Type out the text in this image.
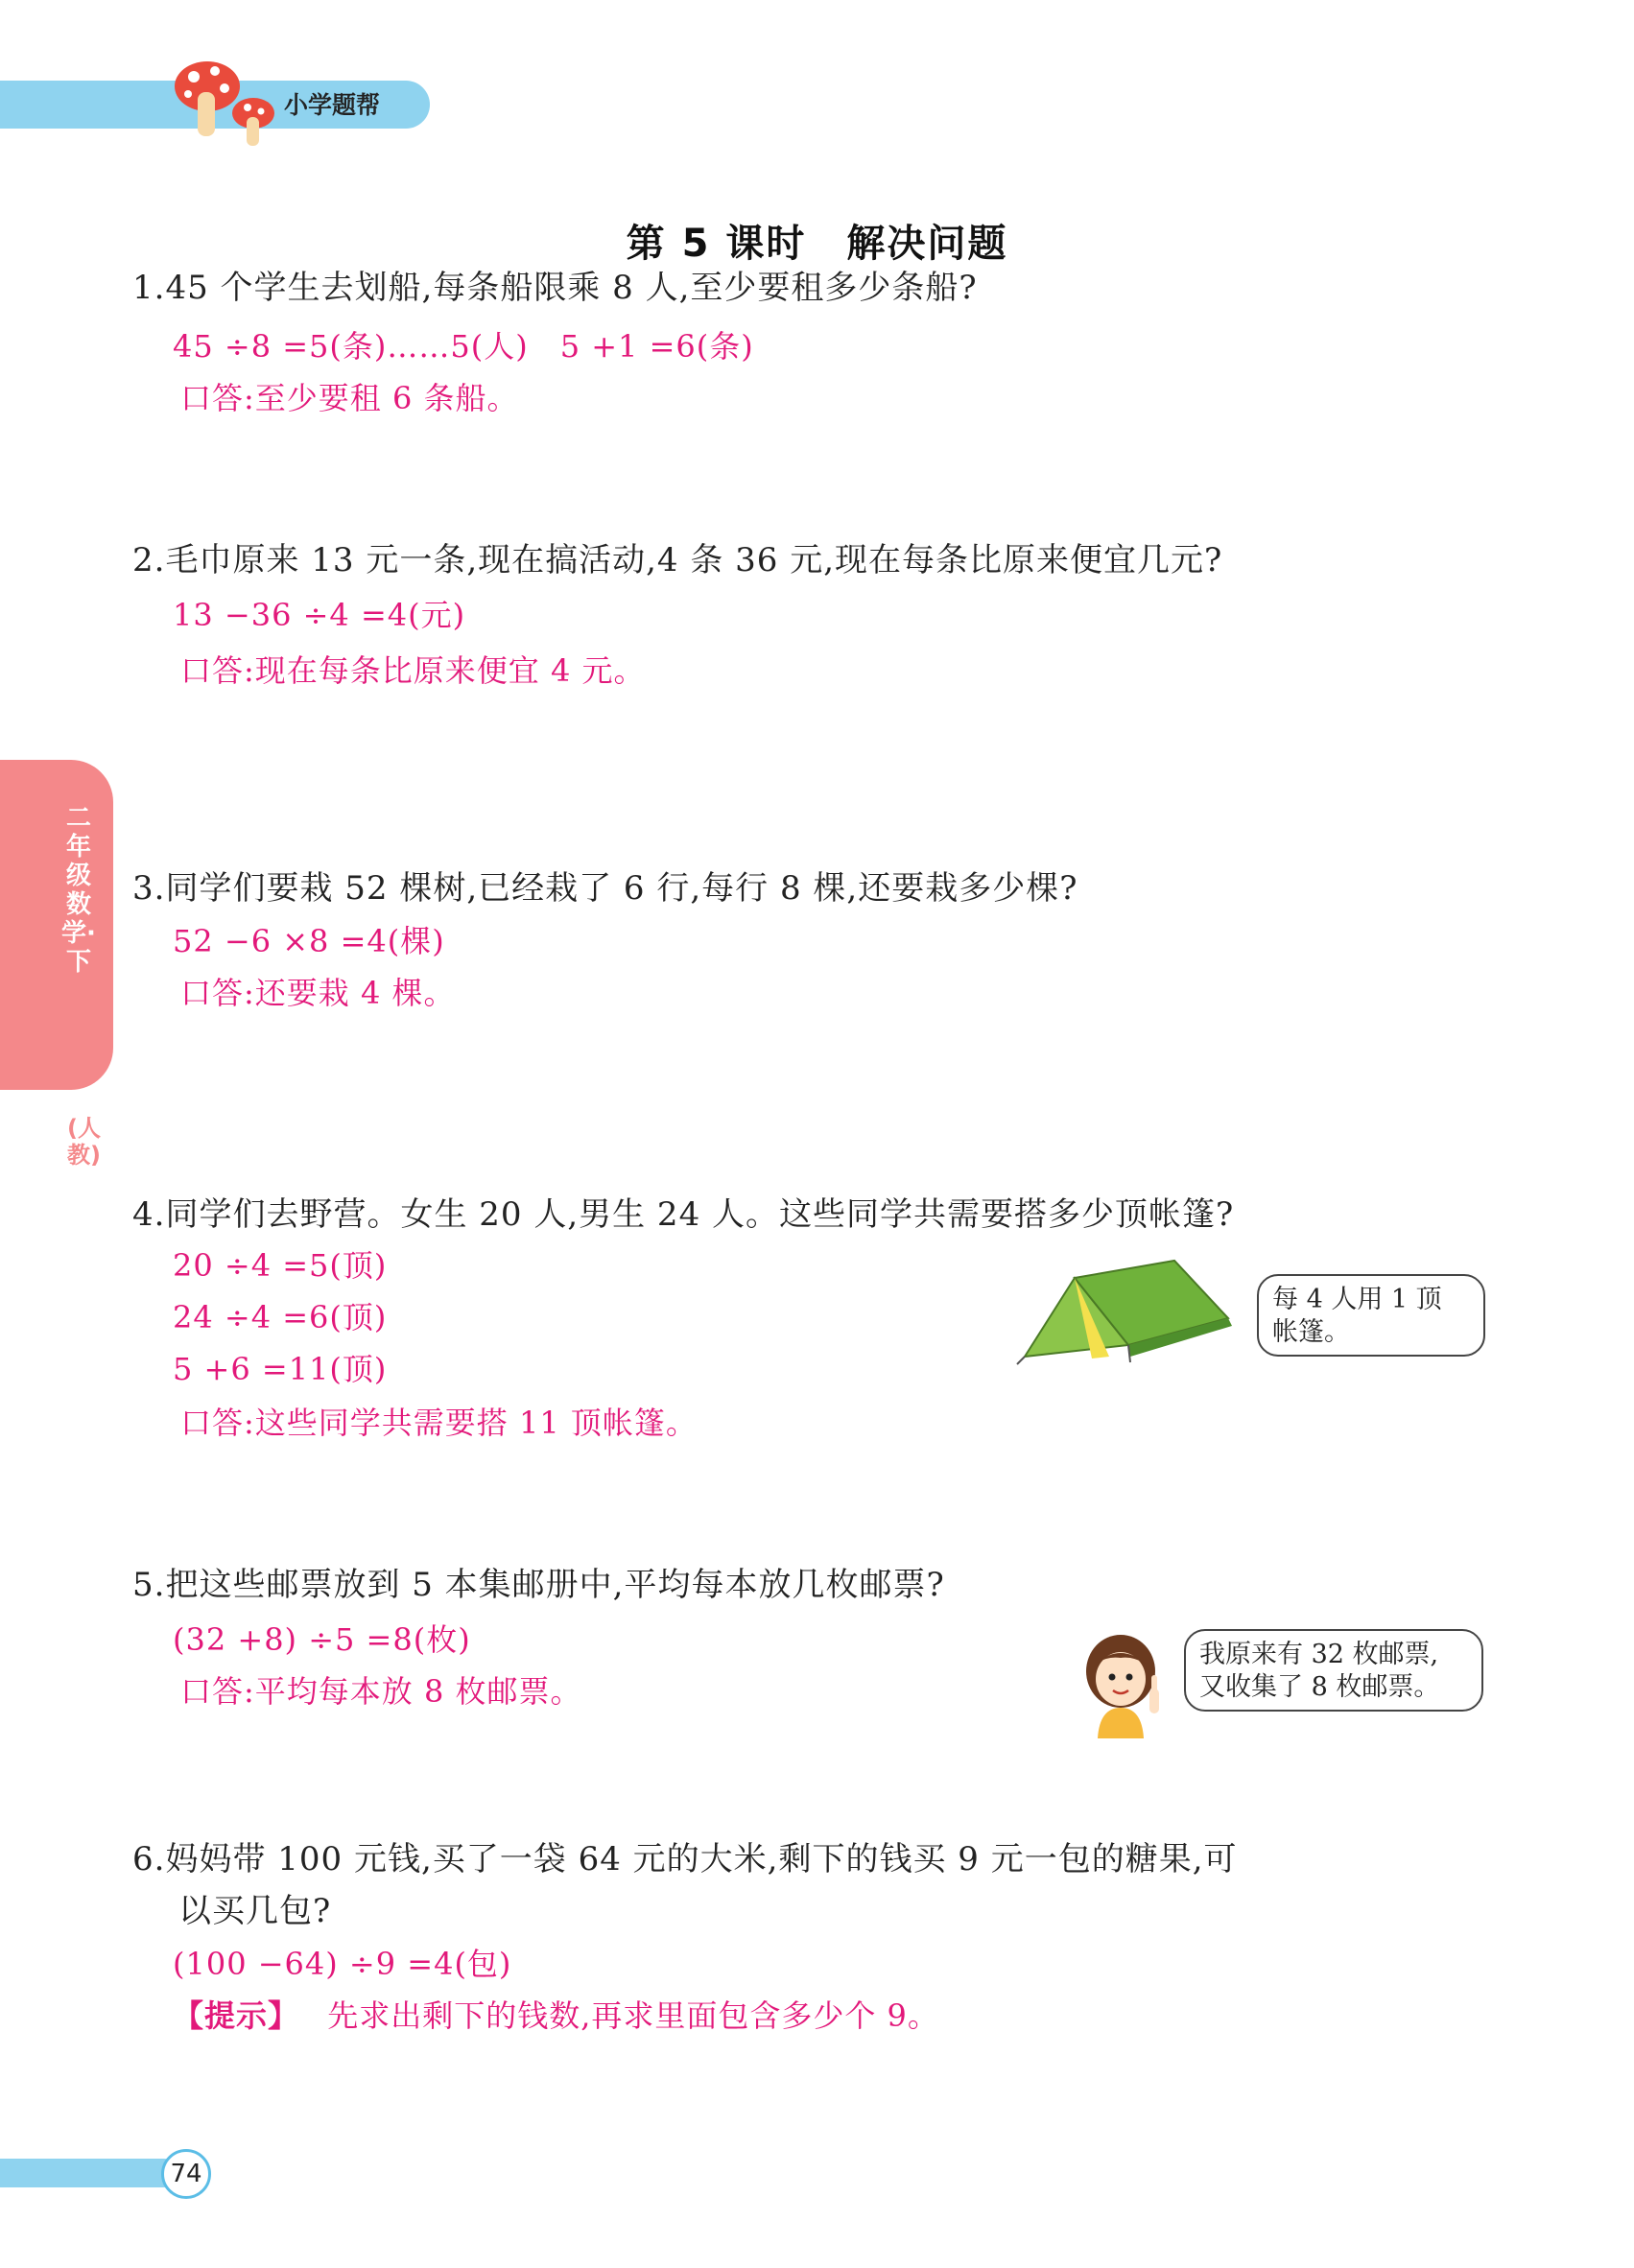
小学题帮
第 5 课时　解决问题
二年级数学·下
(人教)
1.45 个学生去划船,每条船限乘 8 人,至少要租多少条船?
45 ÷8 =5(条)……5(人)　5 +1 =6(条)
口答:至少要租 6 条船。
2.毛巾原来 13 元一条,现在搞活动,4 条 36 元,现在每条比原来便宜几元?
13 −36 ÷4 =4(元)
口答:现在每条比原来便宜 4 元。
3.同学们要栽 52 棵树,已经栽了 6 行,每行 8 棵,还要栽多少棵?
52 −6 ×8 =4(棵)
口答:还要栽 4 棵。
4.同学们去野营。女生 20 人,男生 24 人。这些同学共需要搭多少顶帐篷?
20 ÷4 =5(顶)
24 ÷4 =6(顶)
5 +6 =11(顶)
口答:这些同学共需要搭 11 顶帐篷。
每 4 人用 1 顶
帐篷。
5.把这些邮票放到 5 本集邮册中,平均每本放几枚邮票?
(32 +8) ÷5 =8(枚)
口答:平均每本放 8 枚邮票。
我原来有 32 枚邮票,
又收集了 8 枚邮票。
6.妈妈带 100 元钱,买了一袋 64 元的大米,剩下的钱买 9 元一包的糖果,可
以买几包?
(100 −64) ÷9 =4(包)
【提示】 先求出剩下的钱数,再求里面包含多少个 9。
74
